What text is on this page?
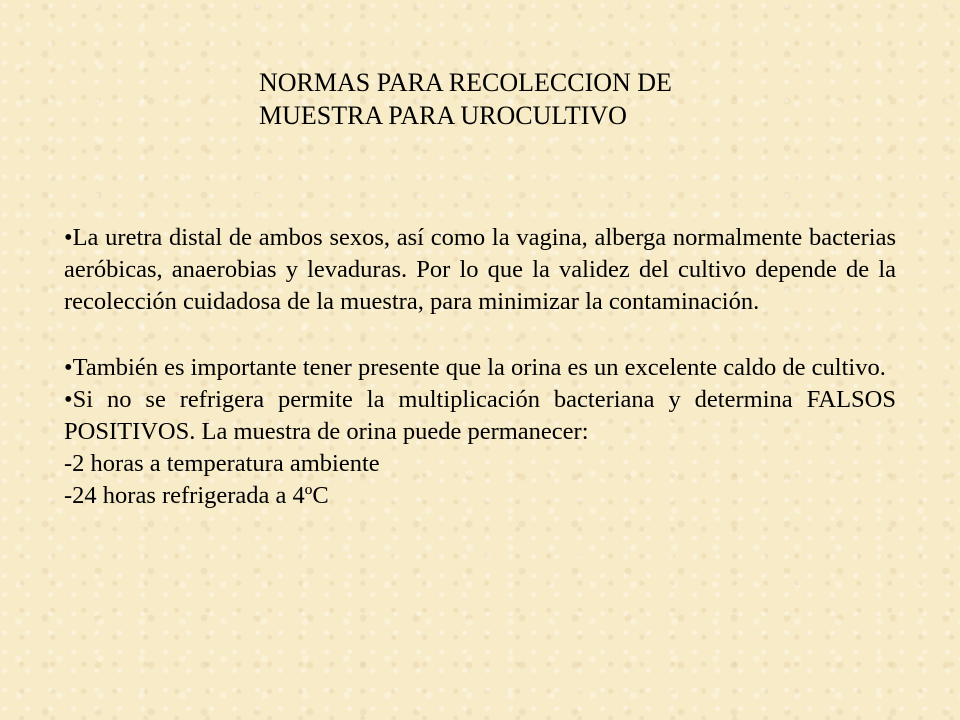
NORMAS PARA RECOLECCION DE
MUESTRA PARA UROCULTIVO

•La uretra distal de ambos sexos, así como la vagina, alberga normalmente bacterias aeróbicas, anaerobias y levaduras. Por lo que la validez del cultivo depende de la recolección cuidadosa de la muestra, para minimizar la contaminación.

•También es importante tener presente que la orina es un excelente caldo de cultivo.

•Si no se refrigera permite la multiplicación bacteriana y determina FALSOS POSITIVOS. La muestra de orina puede permanecer:

-2 horas a temperatura ambiente

-24 horas refrigerada a 4ºC
